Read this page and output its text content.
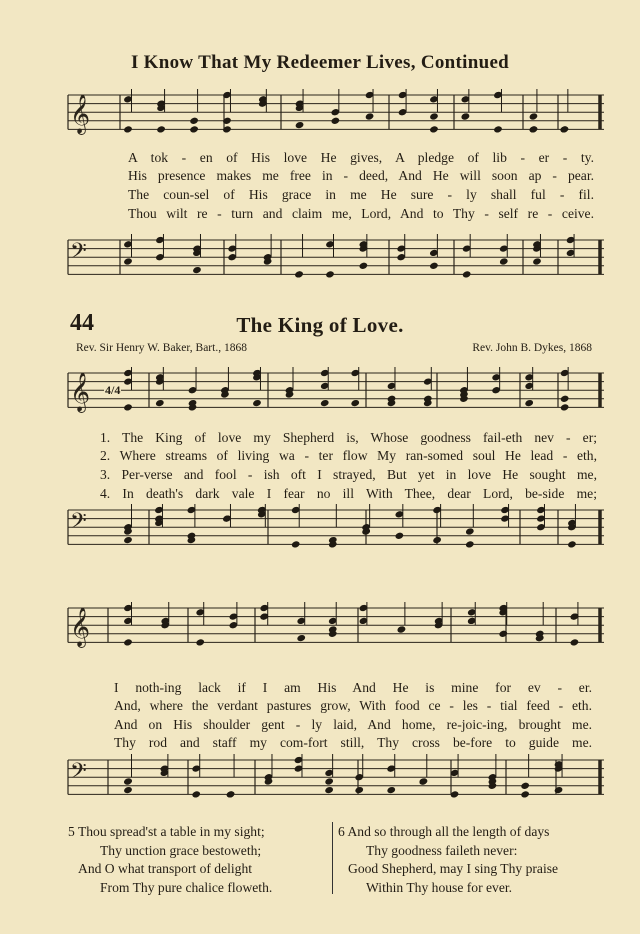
𝄞
𝄢
𝄞
𝄢
𝄞
𝄢
I Know That My Redeemer Lives, Continued
A tok - en of His love He gives, A pledge of lib - er - ty.
His presence makes me free in - deed, And He will soon ap - pear.
The coun-sel of His grace in me He sure - ly shall ful - fil.
Thou wilt re - turn and claim me, Lord, And to Thy - self re - ceive.
44	The King of Love.
Rev. Sir Henry W. Baker, Bart., 1868	Rev. John B. Dykes, 1868
4/4
1. The King of love my Shepherd is, Whose goodness fail-eth nev - er;
2. Where streams of living wa - ter flow My ran-somed soul He lead - eth,
3. Per-verse and fool - ish oft I strayed, But yet in love He sought me,
4. In death's dark vale I fear no ill With Thee, dear Lord, be-side me;
I noth-ing lack if I am His And He is mine for ev - er.
And, where the verdant pastures grow, With food ce - les - tial feed - eth.
And on His shoulder gent - ly laid, And home, re-joic-ing, brought me.
Thy rod and staff my com-fort still, Thy cross be-fore to guide me.
5 Thou spread'st a table in my sight;
Thy unction grace bestoweth;
And O what transport of delight
From Thy pure chalice floweth.
6 And so through all the length of days
Thy goodness faileth never:
Good Shepherd, may I sing Thy praise
Within Thy house for ever.
